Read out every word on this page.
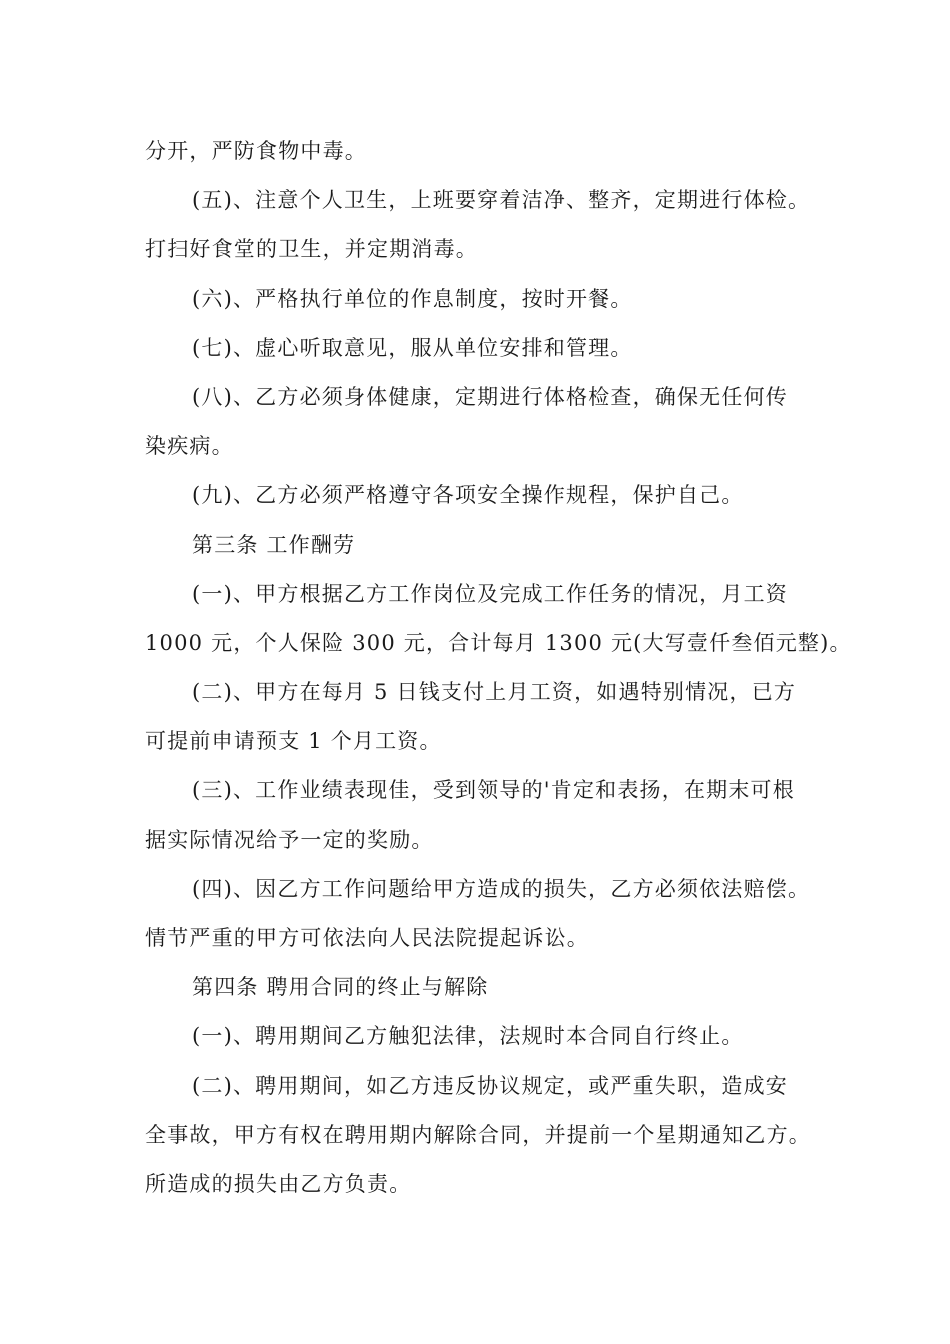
分开，严防食物中毒。
(五)、注意个人卫生，上班要穿着洁净、整齐，定期进行体检。
打扫好食堂的卫生，并定期消毒。
(六)、严格执行单位的作息制度，按时开餐。
(七)、虚心听取意见，服从单位安排和管理。
(八)、乙方必须身体健康，定期进行体格检查，确保无任何传
染疾病。
(九)、乙方必须严格遵守各项安全操作规程，保护自己。
第三条 工作酬劳
(一)、甲方根据乙方工作岗位及完成工作任务的情况，月工资
1000 元，个人保险 300 元，合计每月 1300 元(大写壹仟叁佰元整)。
(二)、甲方在每月 5 日钱支付上月工资，如遇特别情况，已方
可提前申请预支 1 个月工资。
(三)、工作业绩表现佳，受到领导的'肯定和表扬，在期末可根
据实际情况给予一定的奖励。
(四)、因乙方工作问题给甲方造成的损失，乙方必须依法赔偿。
情节严重的甲方可依法向人民法院提起诉讼。
第四条 聘用合同的终止与解除
(一)、聘用期间乙方触犯法律，法规时本合同自行终止。
(二)、聘用期间，如乙方违反协议规定，或严重失职，造成安
全事故，甲方有权在聘用期内解除合同，并提前一个星期通知乙方。
所造成的损失由乙方负责。
